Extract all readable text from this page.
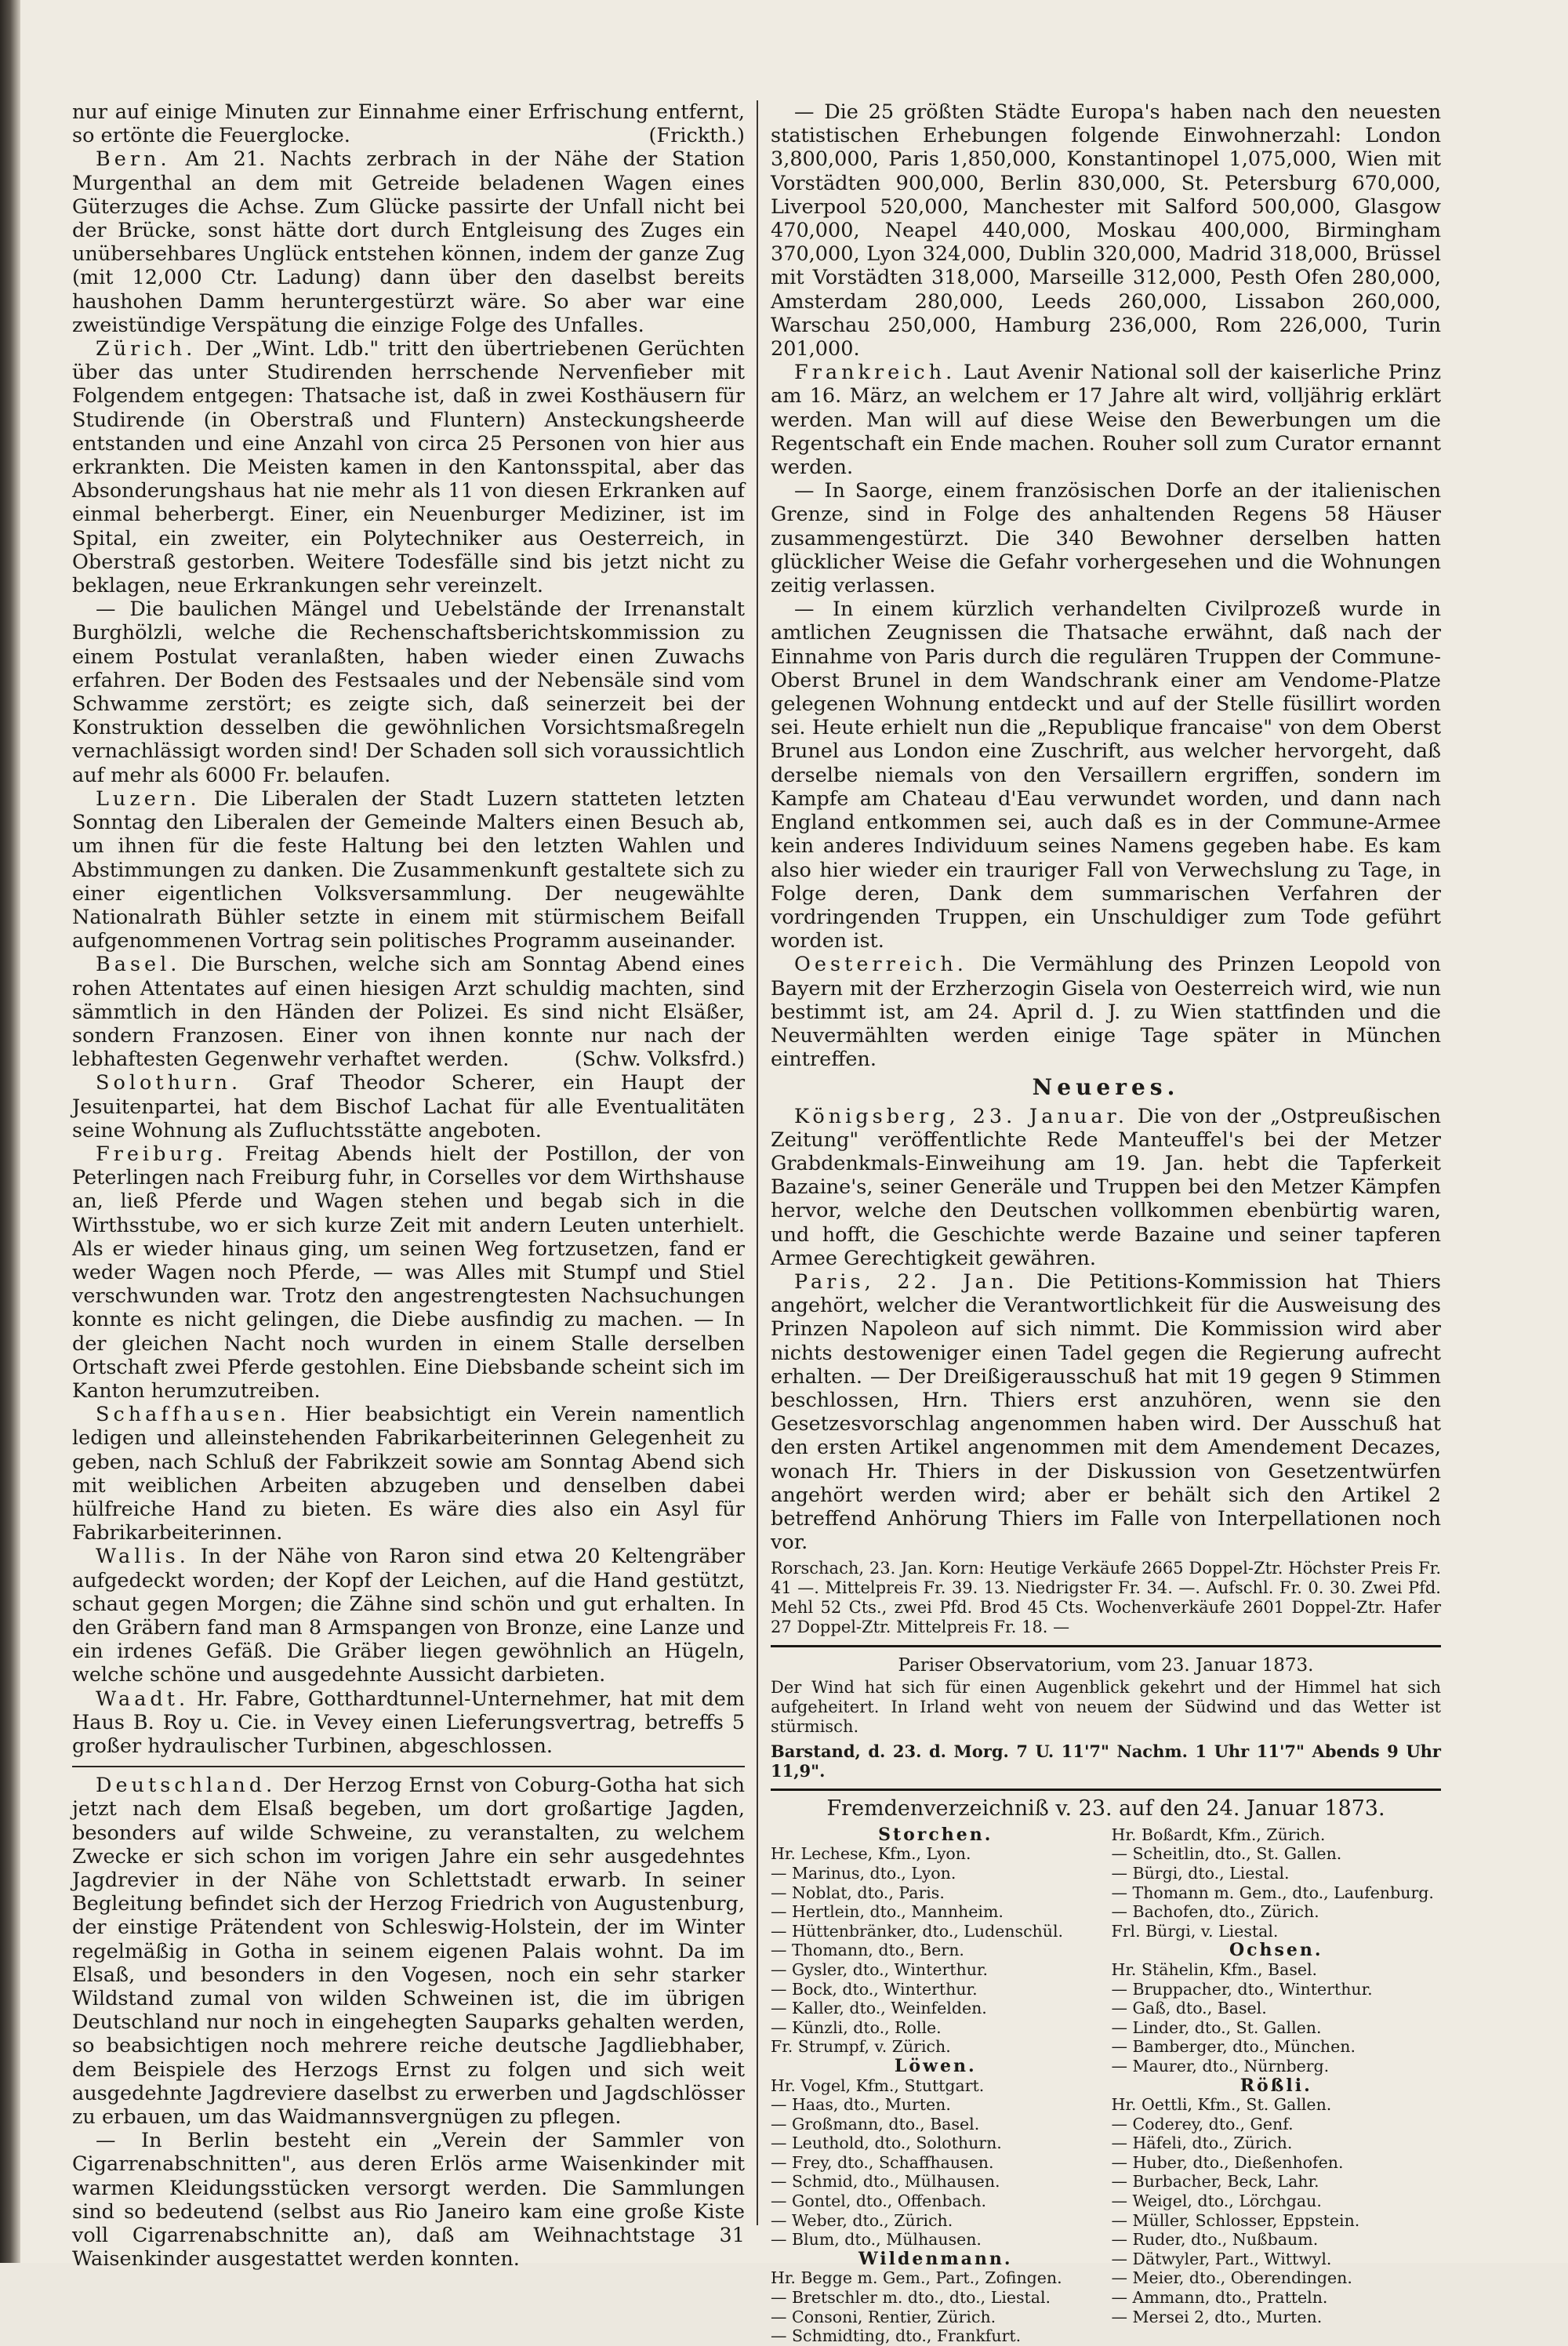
nur auf einige Minuten zur Einnahme einer Erfrischung entfernt, so ertönte die Feuerglocke.	(Frickth.)

Bern. Am 21. Nachts zerbrach in der Nähe der Station Murgenthal an dem mit Getreide beladenen Wagen eines Güterzuges die Achse. Zum Glücke passirte der Unfall nicht bei der Brücke, sonst hätte dort durch Entgleisung des Zuges ein unübersehbares Unglück entstehen können, indem der ganze Zug (mit 12,000 Ctr. Ladung) dann über den daselbst bereits haushohen Damm heruntergestürzt wäre. So aber war eine zweistündige Verspätung die einzige Folge des Unfalles.

Zürich. Der „Wint. Ldb." tritt den übertriebenen Gerüchten über das unter Studirenden herrschende Nervenfieber mit Folgendem entgegen: Thatsache ist, daß in zwei Kosthäusern für Studirende (in Oberstraß und Fluntern) Ansteckungsheerde entstanden und eine Anzahl von circa 25 Personen von hier aus erkrankten. Die Meisten kamen in den Kantonsspital, aber das Absonderungshaus hat nie mehr als 11 von diesen Erkranken auf einmal beherbergt. Einer, ein Neuenburger Mediziner, ist im Spital, ein zweiter, ein Polytechniker aus Oesterreich, in Oberstraß gestorben. Weitere Todesfälle sind bis jetzt nicht zu beklagen, neue Erkrankungen sehr vereinzelt.

— Die baulichen Mängel und Uebelstände der Irrenanstalt Burghölzli, welche die Rechenschaftsberichtskommission zu einem Postulat veranlaßten, haben wieder einen Zuwachs erfahren. Der Boden des Festsaales und der Nebensäle sind vom Schwamme zerstört; es zeigte sich, daß seinerzeit bei der Konstruktion desselben die gewöhnlichen Vorsichtsmaßregeln vernachlässigt worden sind! Der Schaden soll sich voraussichtlich auf mehr als 6000 Fr. belaufen.

Luzern. Die Liberalen der Stadt Luzern statteten letzten Sonntag den Liberalen der Gemeinde Malters einen Besuch ab, um ihnen für die feste Haltung bei den letzten Wahlen und Abstimmungen zu danken. Die Zusammenkunft gestaltete sich zu einer eigentlichen Volksversammlung. Der neugewählte Nationalrath Bühler setzte in einem mit stürmischem Beifall aufgenommenen Vortrag sein politisches Programm auseinander.

Basel. Die Burschen, welche sich am Sonntag Abend eines rohen Attentates auf einen hiesigen Arzt schuldig machten, sind sämmtlich in den Händen der Polizei. Es sind nicht Elsäßer, sondern Franzosen. Einer von ihnen konnte nur nach der lebhaftesten Gegenwehr verhaftet werden.	(Schw. Volksfrd.)

Solothurn. Graf Theodor Scherer, ein Haupt der Jesuitenpartei, hat dem Bischof Lachat für alle Eventualitäten seine Wohnung als Zufluchtsstätte angeboten.

Freiburg. Freitag Abends hielt der Postillon, der von Peterlingen nach Freiburg fuhr, in Corselles vor dem Wirthshause an, ließ Pferde und Wagen stehen und begab sich in die Wirthsstube, wo er sich kurze Zeit mit andern Leuten unterhielt. Als er wieder hinaus ging, um seinen Weg fortzusetzen, fand er weder Wagen noch Pferde, — was Alles mit Stumpf und Stiel verschwunden war. Trotz den angestrengtesten Nachsuchungen konnte es nicht gelingen, die Diebe ausfindig zu machen. — In der gleichen Nacht noch wurden in einem Stalle derselben Ortschaft zwei Pferde gestohlen. Eine Diebsbande scheint sich im Kanton herumzutreiben.

Schaffhausen. Hier beabsichtigt ein Verein namentlich ledigen und alleinstehenden Fabrikarbeiterinnen Gelegenheit zu geben, nach Schluß der Fabrikzeit sowie am Sonntag Abend sich mit weiblichen Arbeiten abzugeben und denselben dabei hülfreiche Hand zu bieten. Es wäre dies also ein Asyl für Fabrikarbeiterinnen.

Wallis. In der Nähe von Raron sind etwa 20 Keltengräber aufgedeckt worden; der Kopf der Leichen, auf die Hand gestützt, schaut gegen Morgen; die Zähne sind schön und gut erhalten. In den Gräbern fand man 8 Armspangen von Bronze, eine Lanze und ein irdenes Gefäß. Die Gräber liegen gewöhnlich an Hügeln, welche schöne und ausgedehnte Aussicht darbieten.

Waadt. Hr. Fabre, Gotthardtunnel-Unternehmer, hat mit dem Haus B. Roy u. Cie. in Vevey einen Lieferungsvertrag, betreffs 5 großer hydraulischer Turbinen, abgeschlossen.

Deutschland. Der Herzog Ernst von Coburg-Gotha hat sich jetzt nach dem Elsaß begeben, um dort großartige Jagden, besonders auf wilde Schweine, zu veranstalten, zu welchem Zwecke er sich schon im vorigen Jahre ein sehr ausgedehntes Jagdrevier in der Nähe von Schlettstadt erwarb. In seiner Begleitung befindet sich der Herzog Friedrich von Augustenburg, der einstige Prätendent von Schleswig-Holstein, der im Winter regelmäßig in Gotha in seinem eigenen Palais wohnt. Da im Elsaß, und besonders in den Vogesen, noch ein sehr starker Wildstand zumal von wilden Schweinen ist, die im übrigen Deutschland nur noch in eingehegten Sauparks gehalten werden, so beabsichtigen noch mehrere reiche deutsche Jagdliebhaber, dem Beispiele des Herzogs Ernst zu folgen und sich weit ausgedehnte Jagdreviere daselbst zu erwerben und Jagdschlösser zu erbauen, um das Waidmannsvergnügen zu pflegen.

— In Berlin besteht ein „Verein der Sammler von Cigarrenabschnitten", aus deren Erlös arme Waisenkinder mit warmen Kleidungsstücken versorgt werden. Die Sammlungen sind so bedeutend (selbst aus Rio Janeiro kam eine große Kiste voll Cigarrenabschnitte an), daß am Weihnachtstage 31 Waisenkinder ausgestattet werden konnten.

— Die 25 größten Städte Europa's haben nach den neuesten statistischen Erhebungen folgende Einwohnerzahl: London 3,800,000, Paris 1,850,000, Konstantinopel 1,075,000, Wien mit Vorstädten 900,000, Berlin 830,000, St. Petersburg 670,000, Liverpool 520,000, Manchester mit Salford 500,000, Glasgow 470,000, Neapel 440,000, Moskau 400,000, Birmingham 370,000, Lyon 324,000, Dublin 320,000, Madrid 318,000, Brüssel mit Vorstädten 318,000, Marseille 312,000, Pesth Ofen 280,000, Amsterdam 280,000, Leeds 260,000, Lissabon 260,000, Warschau 250,000, Hamburg 236,000, Rom 226,000, Turin 201,000.

Frankreich. Laut Avenir National soll der kaiserliche Prinz am 16. März, an welchem er 17 Jahre alt wird, volljährig erklärt werden. Man will auf diese Weise den Bewerbungen um die Regentschaft ein Ende machen. Rouher soll zum Curator ernannt werden.

— In Saorge, einem französischen Dorfe an der italienischen Grenze, sind in Folge des anhaltenden Regens 58 Häuser zusammengestürzt. Die 340 Bewohner derselben hatten glücklicher Weise die Gefahr vorhergesehen und die Wohnungen zeitig verlassen.

— In einem kürzlich verhandelten Civilprozeß wurde in amtlichen Zeugnissen die Thatsache erwähnt, daß nach der Einnahme von Paris durch die regulären Truppen der Commune-Oberst Brunel in dem Wandschrank einer am Vendome-Platze gelegenen Wohnung entdeckt und auf der Stelle füsillirt worden sei. Heute erhielt nun die „Republique francaise" von dem Oberst Brunel aus London eine Zuschrift, aus welcher hervorgeht, daß derselbe niemals von den Versaillern ergriffen, sondern im Kampfe am Chateau d'Eau verwundet worden, und dann nach England entkommen sei, auch daß es in der Commune-Armee kein anderes Individuum seines Namens gegeben habe. Es kam also hier wieder ein trauriger Fall von Verwechslung zu Tage, in Folge deren, Dank dem summarischen Verfahren der vordringenden Truppen, ein Unschuldiger zum Tode geführt worden ist.

Oesterreich. Die Vermählung des Prinzen Leopold von Bayern mit der Erzherzogin Gisela von Oesterreich wird, wie nun bestimmt ist, am 24. April d. J. zu Wien stattfinden und die Neuvermählten werden einige Tage später in München eintreffen.

Neueres.

Königsberg, 23. Januar. Die von der „Ostpreußischen Zeitung" veröffentlichte Rede Manteuffel's bei der Metzer Grabdenkmals-Einweihung am 19. Jan. hebt die Tapferkeit Bazaine's, seiner Generäle und Truppen bei den Metzer Kämpfen hervor, welche den Deutschen vollkommen ebenbürtig waren, und hofft, die Geschichte werde Bazaine und seiner tapferen Armee Gerechtigkeit gewähren.

Paris, 22. Jan. Die Petitions-Kommission hat Thiers angehört, welcher die Verantwortlichkeit für die Ausweisung des Prinzen Napoleon auf sich nimmt. Die Kommission wird aber nichts destoweniger einen Tadel gegen die Regierung aufrecht erhalten. — Der Dreißigerausschuß hat mit 19 gegen 9 Stimmen beschlossen, Hrn. Thiers erst anzuhören, wenn sie den Gesetzesvorschlag angenommen haben wird. Der Ausschuß hat den ersten Artikel angenommen mit dem Amendement Decazes, wonach Hr. Thiers in der Diskussion von Gesetzentwürfen angehört werden wird; aber er behält sich den Artikel 2 betreffend Anhörung Thiers im Falle von Interpellationen noch vor.

Rorschach, 23. Jan. Korn: Heutige Verkäufe 2665 Doppel-Ztr. Höchster Preis Fr. 41 —. Mittelpreis Fr. 39. 13. Niedrigster Fr. 34. —. Aufschl. Fr. 0. 30. Zwei Pfd. Mehl 52 Cts., zwei Pfd. Brod 45 Cts. Wochenverkäufe 2601 Doppel-Ztr. Hafer 27 Doppel-Ztr. Mittelpreis Fr. 18. —

Pariser Observatorium, vom 23. Januar 1873.
Der Wind hat sich für einen Augenblick gekehrt und der Himmel hat sich aufgeheitert. In Irland weht von neuem der Südwind und das Wetter ist stürmisch.
Barstand, d. 23. d. Morg. 7 U. 11'7" Nachm. 1 Uhr 11'7" Abends 9 Uhr 11,9".
Fremdenverzeichniß v. 23. auf den 24. Januar 1873.
Storchen.
Hr. Lechese, Kfm., Lyon.
— Marinus, dto., Lyon.
— Noblat, dto., Paris.
— Hertlein, dto., Mannheim.
— Hüttenbränker, dto., Ludenschül.
— Thomann, dto., Bern.
— Gysler, dto., Winterthur.
— Bock, dto., Winterthur.
— Kaller, dto., Weinfelden.
— Künzli, dto., Rolle.
Fr. Strumpf, v. Zürich.
Löwen.
Hr. Vogel, Kfm., Stuttgart.
— Haas, dto., Murten.
— Großmann, dto., Basel.
— Leuthold, dto., Solothurn.
— Frey, dto., Schaffhausen.
— Schmid, dto., Mülhausen.
— Gontel, dto., Offenbach.
— Weber, dto., Zürich.
— Blum, dto., Mülhausen.
Wildenmann.
Hr. Begge m. Gem., Part., Zofingen.
— Bretschler m. dto., dto., Liestal.
— Consoni, Rentier, Zürich.
— Schmidting, dto., Frankfurt.
Hr. Boßardt, Kfm., Zürich.
— Scheitlin, dto., St. Gallen.
— Bürgi, dto., Liestal.
— Thomann m. Gem., dto., Laufenburg.
— Bachofen, dto., Zürich.
Frl. Bürgi, v. Liestal.
Ochsen.
Hr. Stähelin, Kfm., Basel.
— Bruppacher, dto., Winterthur.
— Gaß, dto., Basel.
— Linder, dto., St. Gallen.
— Bamberger, dto., München.
— Maurer, dto., Nürnberg.
Rößli.
Hr. Oettli, Kfm., St. Gallen.
— Coderey, dto., Genf.
— Häfeli, dto., Zürich.
— Huber, dto., Dießenhofen.
— Burbacher, Beck, Lahr.
— Weigel, dto., Lörchgau.
— Müller, Schlosser, Eppstein.
— Ruder, dto., Nußbaum.
— Dätwyler, Part., Wittwyl.
— Meier, dto., Oberendingen.
— Ammann, dto., Pratteln.
— Mersei 2, dto., Murten.
